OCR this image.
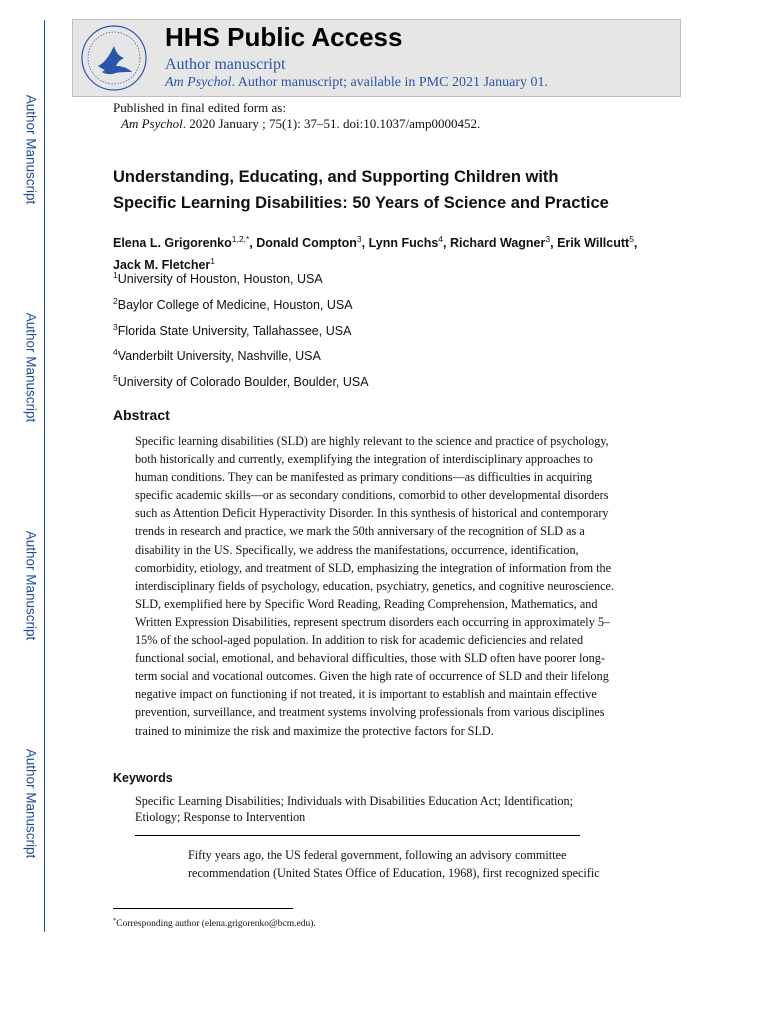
Author Manuscript
Author Manuscript
Author Manuscript
Author Manuscript
HHS Public Access
Author manuscript
Am Psychol. Author manuscript; available in PMC 2021 January 01.
Published in final edited form as:
Am Psychol. 2020 January ; 75(1): 37–51. doi:10.1037/amp0000452.
Understanding, Educating, and Supporting Children with
Specific Learning Disabilities: 50 Years of Science and Practice
Elena L. Grigorenko$^{1,2,*}$, Donald Compton$^3$, Lynn Fuchs$^4$, Richard Wagner$^3$, Erik Willcutt$^5$,
Jack M. Fletcher$^1$
$^1$University of Houston, Houston, USA
$^2$Baylor College of Medicine, Houston, USA
$^3$Florida State University, Tallahassee, USA
$^4$Vanderbilt University, Nashville, USA
$^5$University of Colorado Boulder, Boulder, USA
Abstract
Specific learning disabilities (SLD) are highly relevant to the science and practice of psychology,
both historically and currently, exemplifying the integration of interdisciplinary approaches to
human conditions. They can be manifested as primary conditions—as difficulties in acquiring
specific academic skills—or as secondary conditions, comorbid to other developmental disorders
such as Attention Deficit Hyperactivity Disorder. In this synthesis of historical and contemporary
trends in research and practice, we mark the 50th anniversary of the recognition of SLD as a
disability in the US. Specifically, we address the manifestations, occurrence, identification,
comorbidity, etiology, and treatment of SLD, emphasizing the integration of information from the
interdisciplinary fields of psychology, education, psychiatry, genetics, and cognitive neuroscience.
SLD, exemplified here by Specific Word Reading, Reading Comprehension, Mathematics, and
Written Expression Disabilities, represent spectrum disorders each occurring in approximately 5–
15% of the school-aged population. In addition to risk for academic deficiencies and related
functional social, emotional, and behavioral difficulties, those with SLD often have poorer long-
term social and vocational outcomes. Given the high rate of occurrence of SLD and their lifelong
negative impact on functioning if not treated, it is important to establish and maintain effective
prevention, surveillance, and treatment systems involving professionals from various disciplines
trained to minimize the risk and maximize the protective factors for SLD.
Keywords
Specific Learning Disabilities; Individuals with Disabilities Education Act; Identification;
Etiology; Response to Intervention
Fifty years ago, the US federal government, following an advisory committee
recommendation (United States Office of Education, 1968), first recognized specific
*Corresponding author (elena.grigorenko@bcm.edu).
